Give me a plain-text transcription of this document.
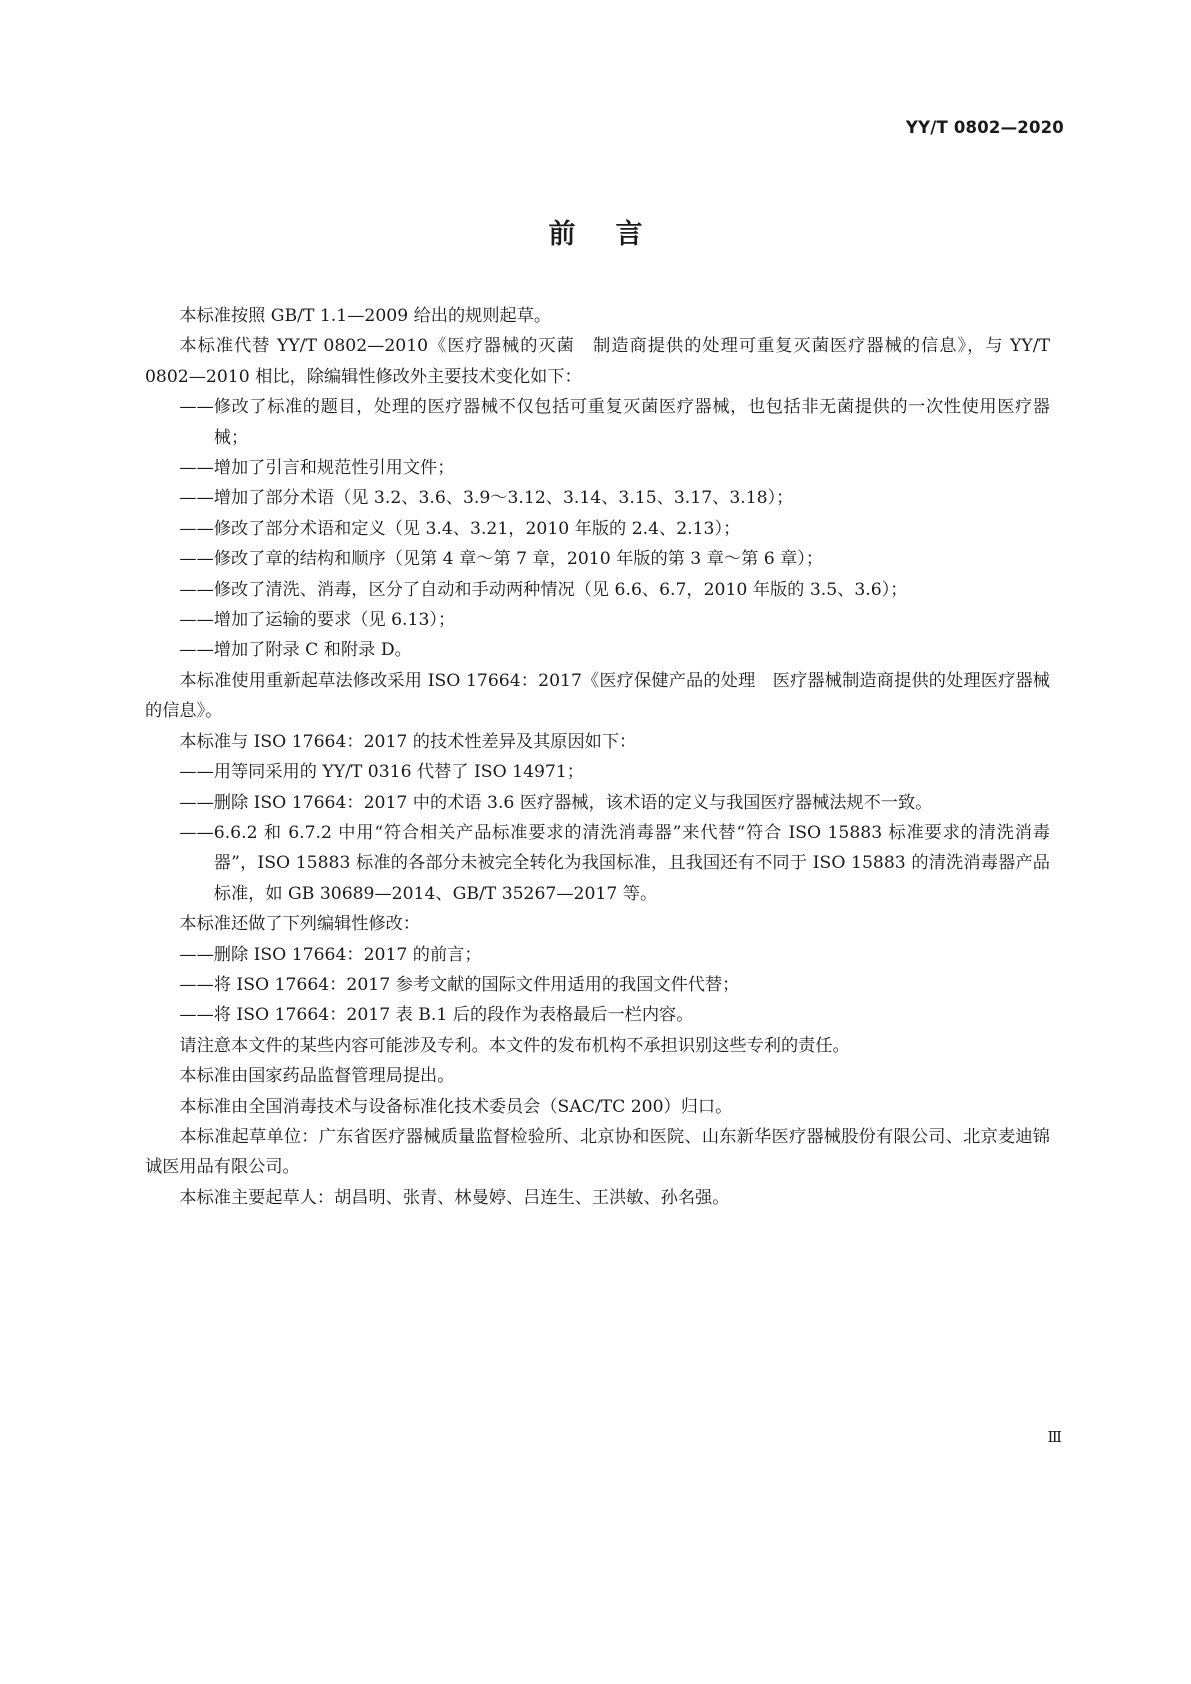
YY/T 0802—2020

前言

本标准按照 GB/T 1.1—2009 给出的规则起草。

本标准代替 YY/T 0802—2010《医疗器械的灭菌　制造商提供的处理可重复灭菌医疗器械的信息》，与 YY/T 0802—2010 相比，除编辑性修改外主要技术变化如下：

—— 修改了标准的题目，处理的医疗器械不仅包括可重复灭菌医疗器械，也包括非无菌提供的一次性使用医疗器械；
—— 增加了引言和规范性引用文件；
—— 增加了部分术语（见 3.2、3.6、3.9～3.12、3.14、3.15、3.17、3.18）；
—— 修改了部分术语和定义（见 3.4、3.21，2010 年版的 2.4、2.13）；
—— 修改了章的结构和顺序（见第 4 章～第 7 章，2010 年版的第 3 章～第 6 章）；
—— 修改了清洗、消毒，区分了自动和手动两种情况（见 6.6、6.7，2010 年版的 3.5、3.6）；
—— 增加了运输的要求（见 6.13）；
—— 增加了附录 C 和附录 D。

本标准使用重新起草法修改采用 ISO 17664：2017《医疗保健产品的处理　医疗器械制造商提供的处理医疗器械的信息》。

本标准与 ISO 17664：2017 的技术性差异及其原因如下：

—— 用等同采用的 YY/T 0316 代替了 ISO 14971；
—— 删除 ISO 17664：2017 中的术语 3.6 医疗器械，该术语的定义与我国医疗器械法规不一致。
—— 6.6.2 和 6.7.2 中用“符合相关产品标准要求的清洗消毒器”来代替“符合 ISO 15883 标准要求的清洗消毒器”，ISO 15883 标准的各部分未被完全转化为我国标准，且我国还有不同于 ISO 15883 的清洗消毒器产品标准，如 GB 30689—2014、GB/T 35267—2017 等。

本标准还做了下列编辑性修改：

—— 删除 ISO 17664：2017 的前言；
—— 将 ISO 17664：2017 参考文献的国际文件用适用的我国文件代替；
—— 将 ISO 17664：2017 表 B.1 后的段作为表格最后一栏内容。

请注意本文件的某些内容可能涉及专利。本文件的发布机构不承担识别这些专利的责任。

本标准由国家药品监督管理局提出。

本标准由全国消毒技术与设备标准化技术委员会（SAC/TC 200）归口。

本标准起草单位：广东省医疗器械质量监督检验所、北京协和医院、山东新华医疗器械股份有限公司、北京麦迪锦诚医用品有限公司。

本标准主要起草人：胡昌明、张青、林曼婷、吕连生、王洪敏、孙名强。

Ⅲ
